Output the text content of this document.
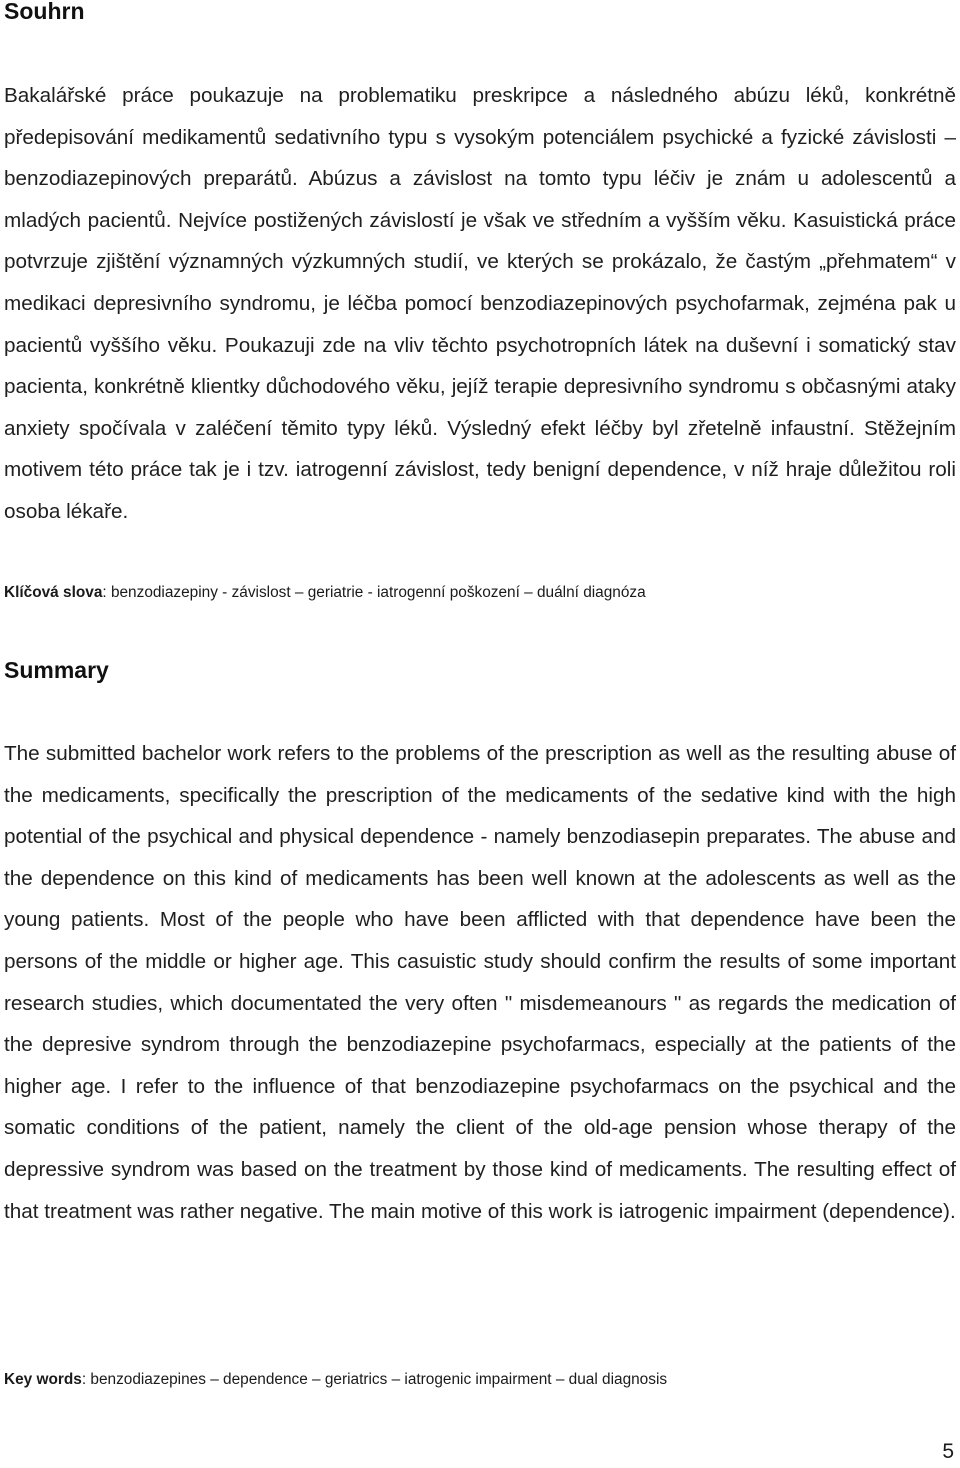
Souhrn

Bakalářské práce poukazuje na problematiku preskripce a následného abúzu léků, konkrétně předepisování medikamentů sedativního typu s vysokým potenciálem psychické a fyzické závislosti – benzodiazepinových preparátů. Abúzus a závislost na tomto typu léčiv je znám u adolescentů a mladých pacientů. Nejvíce postižených závislostí je však ve středním a vyšším věku. Kasuistická práce potvrzuje zjištění významných výzkumných studií, ve kterých se prokázalo, že častým „přehmatem“ v medikaci depresivního syndromu, je léčba pomocí benzodiazepinových psychofarmak, zejména pak u pacientů vyššího věku. Poukazuji zde na vliv těchto psychotropních látek na duševní i somatický stav pacienta, konkrétně klientky důchodového věku, jejíž terapie depresivního syndromu s občasnými ataky anxiety spočívala v zaléčení těmito typy léků. Výsledný efekt léčby byl zřetelně infaustní. Stěžejním motivem této práce tak je i tzv. iatrogenní závislost, tedy benigní dependence, v níž hraje důležitou roli osoba lékaře.

Klíčová slova: benzodiazepiny - závislost – geriatrie - iatrogenní poškození – duální diagnóza

Summary

The submitted bachelor work refers to the problems of the prescription as well as the resulting abuse of the medicaments, specifically the prescription of the medicaments of the sedative kind with the high potential of the psychical and physical dependence - namely benzodiasepin preparates. The abuse and the dependence on this kind of medicaments has been well known at the adolescents as well as the young patients. Most of the people who have been afflicted with that dependence have been the persons of the middle or higher age. This casuistic study should confirm the results of some important research studies, which documentated the very often " misdemeanours " as regards the medication of the depresive syndrom through the benzodiazepine psychofarmacs, especially at the patients of the higher age. I refer to the influence of that benzodiazepine psychofarmacs on the psychical and the somatic conditions of the patient, namely the client of the old-age pension whose therapy of the depressive syndrom was based on the treatment by those kind of medicaments. The resulting effect of that treatment was rather negative. The main motive of this work is iatrogenic impairment (dependence).

Key words: benzodiazepines – dependence – geriatrics – iatrogenic impairment – dual diagnosis

5
